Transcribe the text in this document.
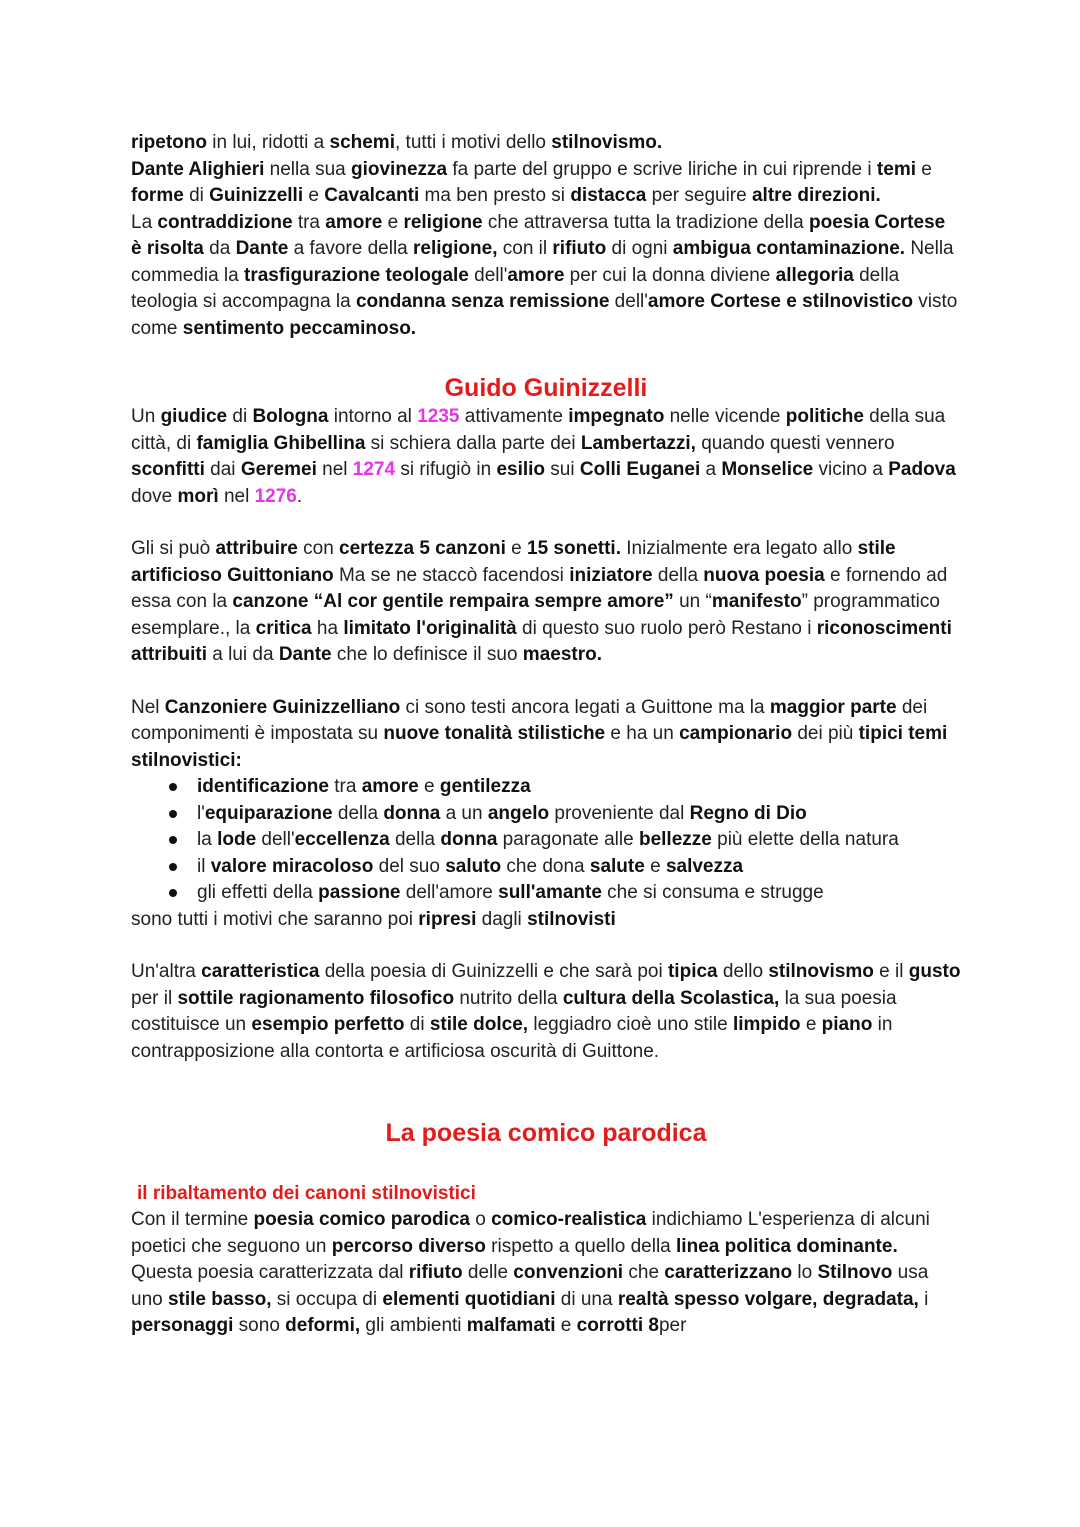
ripetono in lui, ridotti a schemi, tutti i motivi dello stilnovismo.

Dante Alighieri nella sua giovinezza fa parte del gruppo e scrive liriche in cui riprende i temi e forme di Guinizzelli e Cavalcanti ma ben presto si distacca per seguire altre direzioni.

La contraddizione tra amore e religione che attraversa tutta la tradizione della poesia Cortese è risolta da Dante a favore della religione, con il rifiuto di ogni ambigua contaminazione. Nella commedia la trasfigurazione teologale dell'amore per cui la donna diviene allegoria della teologia si accompagna la condanna senza remissione dell'amore Cortese e stilnovistico visto come sentimento peccaminoso.

Guido Guinizzelli

Un giudice di Bologna intorno al 1235 attivamente impegnato nelle vicende politiche della sua città, di famiglia Ghibellina si schiera dalla parte dei Lambertazzi, quando questi vennero sconfitti dai Geremei nel 1274 si rifugiò in esilio sui Colli Euganei a Monselice vicino a Padova dove morì nel 1276.

Gli si può attribuire con certezza 5 canzoni e 15 sonetti. Inizialmente era legato allo stile artificioso Guittoniano Ma se ne staccò facendosi iniziatore della nuova poesia e fornendo ad essa con la canzone “Al cor gentile rempaira sempre amore” un “manifesto” programmatico esemplare., la critica ha limitato l'originalità di questo suo ruolo però Restano i riconoscimenti attribuiti a lui da Dante che lo definisce il suo maestro.

Nel Canzoniere Guinizzelliano ci sono testi ancora legati a Guittone ma la maggior parte dei componimenti è impostata su nuove tonalità stilistiche e ha un campionario dei più tipici temi stilnovistici:

identificazione tra amore e gentilezza
l'equiparazione della donna a un angelo proveniente dal Regno di Dio
la lode dell'eccellenza della donna paragonate alle bellezze più elette della natura
il valore miracoloso del suo saluto che dona salute e salvezza
gli effetti della passione dell'amore sull'amante che si consuma e strugge

sono tutti i motivi che saranno poi ripresi dagli stilnovisti

Un'altra caratteristica della poesia di Guinizzelli e che sarà poi tipica dello stilnovismo e il gusto per il sottile ragionamento filosofico nutrito della cultura della Scolastica, la sua poesia costituisce un esempio perfetto di stile dolce, leggiadro cioè uno stile limpido e piano in contrapposizione alla contorta e artificiosa oscurità di Guittone.

La poesia comico parodica
il ribaltamento dei canoni stilnovistici

Con il termine poesia comico parodica o comico-realistica indichiamo L'esperienza di alcuni poetici che seguono un percorso diverso rispetto a quello della linea politica dominante. Questa poesia caratterizzata dal rifiuto delle convenzioni che caratterizzano lo Stilnovo usa uno stile basso, si occupa di elementi quotidiani di una realtà spesso volgare, degradata, i personaggi sono deformi, gli ambienti malfamati e corrotti 8per
